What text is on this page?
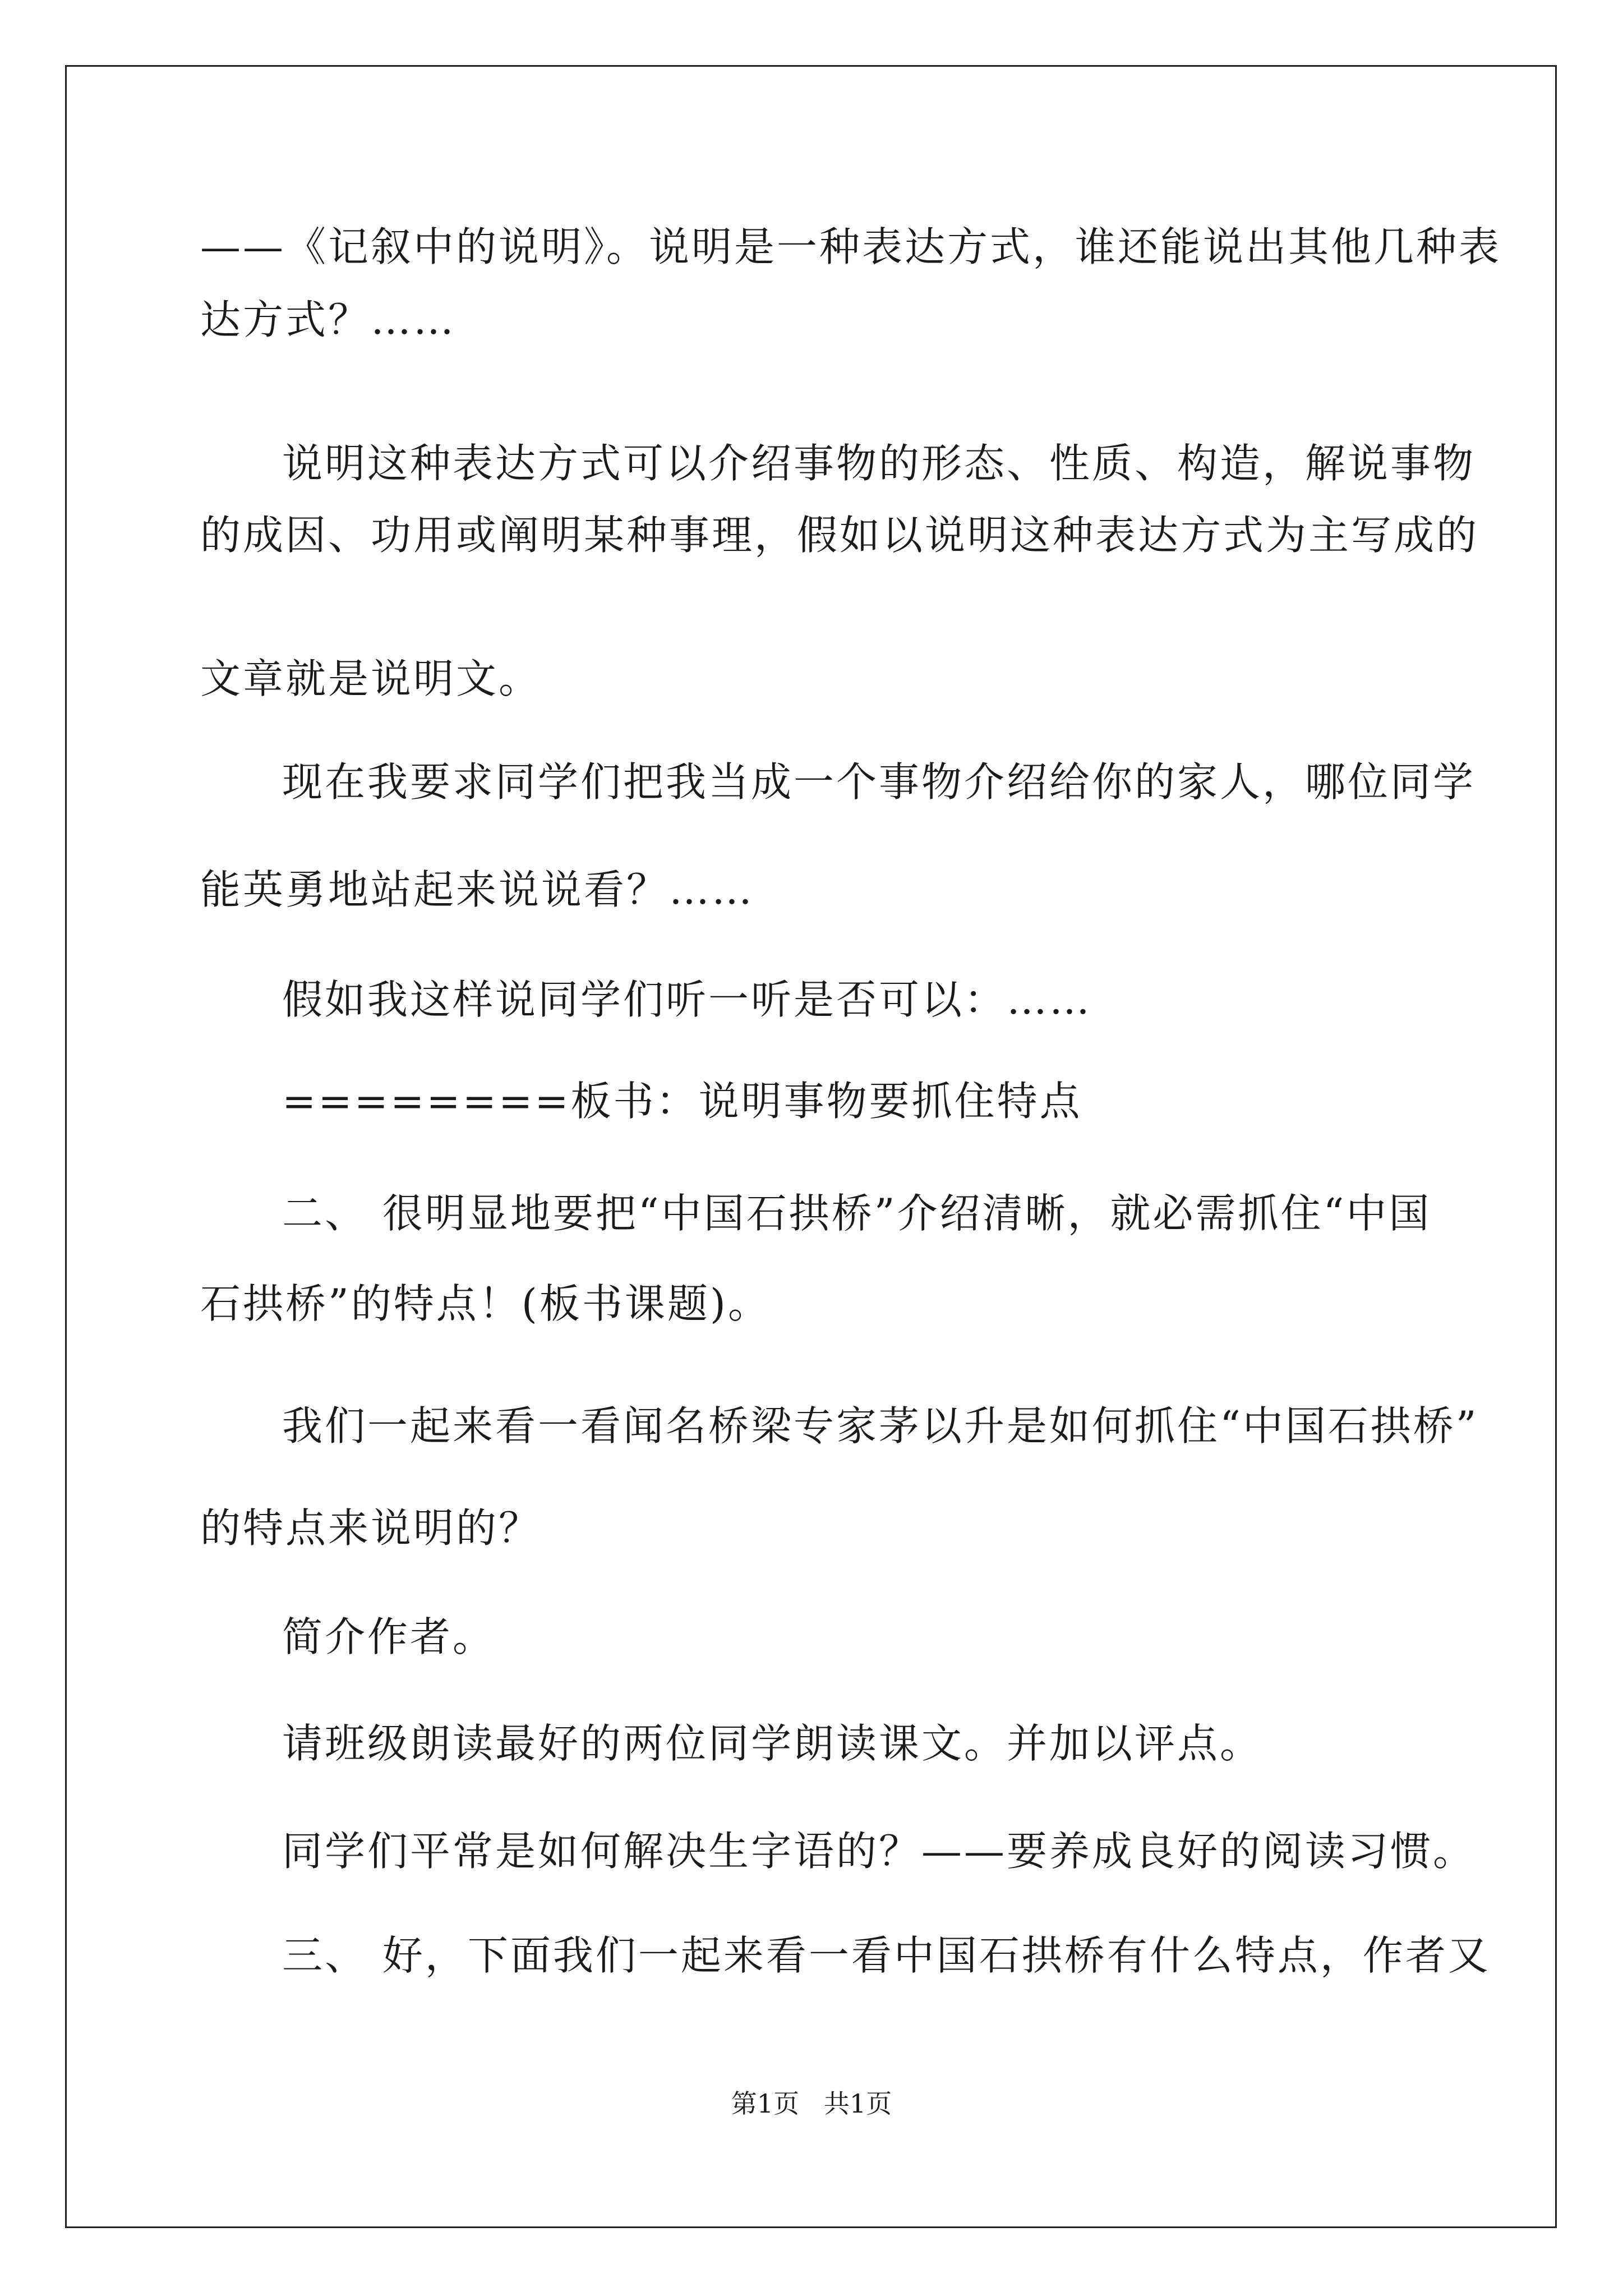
——《记叙中的说明》。说明是一种表达方式，谁还能说出其他几种表
达方式？……
说明这种表达方式可以介绍事物的形态、性质、构造，解说事物
的成因、功用或阐明某种事理，假如以说明这种表达方式为主写成的
文章就是说明文。
现在我要求同学们把我当成一个事物介绍给你的家人，哪位同学
能英勇地站起来说说看？……
假如我这样说同学们听一听是否可以：……
========板书：说明事物要抓住特点
二、 很明显地要把“中国石拱桥”介绍清晰，就必需抓住“中国
石拱桥”的特点！(板书课题)。
我们一起来看一看闻名桥梁专家茅以升是如何抓住“中国石拱桥”
的特点来说明的？
简介作者。
请班级朗读最好的两位同学朗读课文。并加以评点。
同学们平常是如何解决生字语的？——要养成良好的阅读习惯。
三、 好，下面我们一起来看一看中国石拱桥有什么特点，作者又
第1页   共1页
